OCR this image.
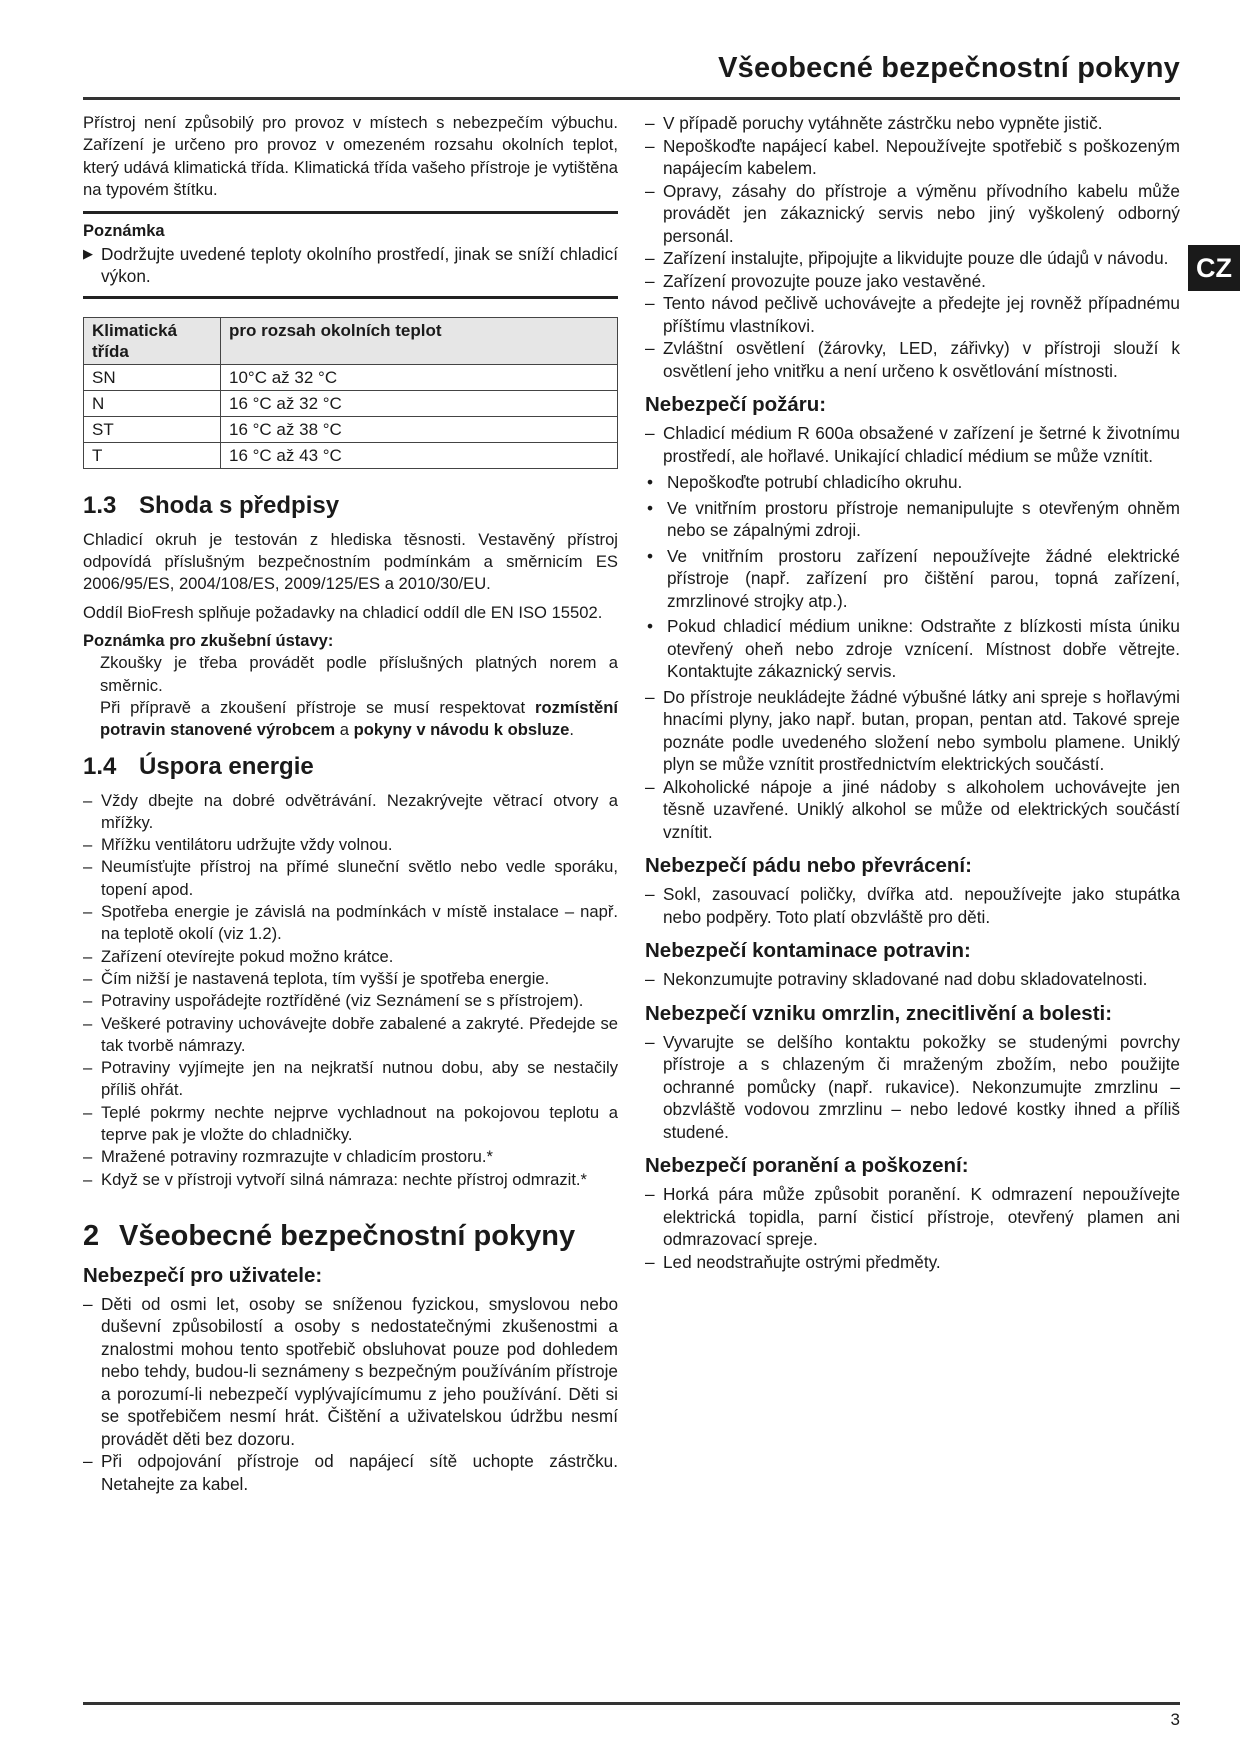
Všeobecné bezpečnostní pokyny
CZ

Přístroj není způsobilý pro provoz v místech s nebezpečím výbuchu. Zařízení je určeno pro provoz v omezeném rozsahu okolních teplot, který udává klimatická třída. Klimatická třída vašeho přístroje je vytištěna na typovém štítku.

Poznámka
▶ Dodržujte uvedené teploty okolního prostředí, jinak se sníží chladicí výkon.
Klimatická třída	pro rozsah okolních teplot
SN	10°C až 32 °C
N	16 °C až 32 °C
ST	16 °C až 38 °C
T	16 °C až 43 °C
1.3 Shoda s předpisy

Chladicí okruh je testován z hlediska těsnosti. Vestavěný přístroj odpovídá příslušným bezpečnostním podmínkám a směrnicím ES 2006/95/ES, 2004/108/ES, 2009/125/ES a 2010/30/EU.

Oddíl BioFresh splňuje požadavky na chladicí oddíl dle EN ISO 15502.

Poznámka pro zkušební ústavy:

Zkoušky je třeba provádět podle příslušných platných norem a směrnic.

Při přípravě a zkoušení přístroje se musí respektovat rozmístění potravin stanovené výrobcem a pokyny v návodu k obsluze.

1.4 Úspora energie
– Vždy dbejte na dobré odvětrávání. Nezakrývejte větrací otvory a mřížky.
– Mřížku ventilátoru udržujte vždy volnou.
– Neumísťujte přístroj na přímé sluneční světlo nebo vedle sporáku, topení apod.
– Spotřeba energie je závislá na podmínkách v místě instalace – např. na teplotě okolí (viz 1.2).
– Zařízení otevírejte pokud možno krátce.
– Čím nižší je nastavená teplota, tím vyšší je spotřeba energie.
– Potraviny uspořádejte roztříděné (viz Seznámení se s přístrojem).
– Veškeré potraviny uchovávejte dobře zabalené a zakryté. Předejde se tak tvorbě námrazy.
– Potraviny vyjímejte jen na nejkratší nutnou dobu, aby se nestačily příliš ohřát.
– Teplé pokrmy nechte nejprve vychladnout na pokojovou teplotu a teprve pak je vložte do chladničky.
– Mražené potraviny rozmrazujte v chladicím prostoru.*
– Když se v přístroji vytvoří silná námraza: nechte přístroj odmrazit.*
2 Všeobecné bezpečnostní pokyny
Nebezpečí pro uživatele:
– Děti od osmi let, osoby se sníženou fyzickou, smyslovou nebo duševní způsobilostí a osoby s nedostatečnými zkušenostmi a znalostmi mohou tento spotřebič obsluhovat pouze pod dohledem nebo tehdy, budou-li seznámeny s bezpečným používáním přístroje a porozumí-li nebezpečí vyplývajícímumu z jeho používání. Děti si se spotřebičem nesmí hrát. Čištění a uživatelskou údržbu nesmí provádět děti bez dozoru.
– Při odpojování přístroje od napájecí sítě uchopte zástrčku. Netahejte za kabel.
– V případě poruchy vytáhněte zástrčku nebo vypněte jistič.
– Nepoškoďte napájecí kabel. Nepoužívejte spotřebič s poškozeným napájecím kabelem.
– Opravy, zásahy do přístroje a výměnu přívodního kabelu může provádět jen zákaznický servis nebo jiný vyškolený odborný personál.
– Zařízení instalujte, připojujte a likvidujte pouze dle údajů v návodu.
– Zařízení provozujte pouze jako vestavěné.
– Tento návod pečlivě uchovávejte a předejte jej rovněž případnému příštímu vlastníkovi.
– Zvláštní osvětlení (žárovky, LED, zářivky) v přístroji slouží k osvětlení jeho vnitřku a není určeno k osvětlování místnosti.
Nebezpečí požáru:
– Chladicí médium R 600a obsažené v zařízení je šetrné k životnímu prostředí, ale hořlavé. Unikající chladicí médium se může vznítit.
• Nepoškoďte potrubí chladicího okruhu.
• Ve vnitřním prostoru přístroje nemanipulujte s otevřeným ohněm nebo se zápalnými zdroji.
• Ve vnitřním prostoru zařízení nepoužívejte žádné elektrické přístroje (např. zařízení pro čištění parou, topná zařízení, zmrzlinové strojky atp.).
• Pokud chladicí médium unikne: Odstraňte z blízkosti místa úniku otevřený oheň nebo zdroje vznícení. Místnost dobře větrejte. Kontaktujte zákaznický servis.
– Do přístroje neukládejte žádné výbušné látky ani spreje s hořlavými hnacími plyny, jako např. butan, propan, pentan atd. Takové spreje poznáte podle uvedeného složení nebo symbolu plamene. Uniklý plyn se může vznítit prostřednictvím elektrických součástí.
– Alkoholické nápoje a jiné nádoby s alkoholem uchovávejte jen těsně uzavřené. Uniklý alkohol se může od elektrických součástí vznítit.
Nebezpečí pádu nebo převrácení:
– Sokl, zasouvací poličky, dvířka atd. nepoužívejte jako stupátka nebo podpěry. Toto platí obzvláště pro děti.
Nebezpečí kontaminace potravin:
– Nekonzumujte potraviny skladované nad dobu skladovatelnosti.
Nebezpečí vzniku omrzlin, znecitlivění a bolesti:
– Vyvarujte se delšího kontaktu pokožky se studenými povrchy přístroje a s chlazeným či mraženým zbožím, nebo použijte ochranné pomůcky (např. rukavice). Nekonzumujte zmrzlinu – obzvláště vodovou zmrzlinu – nebo ledové kostky ihned a příliš studené.
Nebezpečí poranění a poškození:
– Horká pára může způsobit poranění. K odmrazení nepoužívejte elektrická topidla, parní čisticí přístroje, otevřený plamen ani odmrazovací spreje.
– Led neodstraňujte ostrými předměty.
3
